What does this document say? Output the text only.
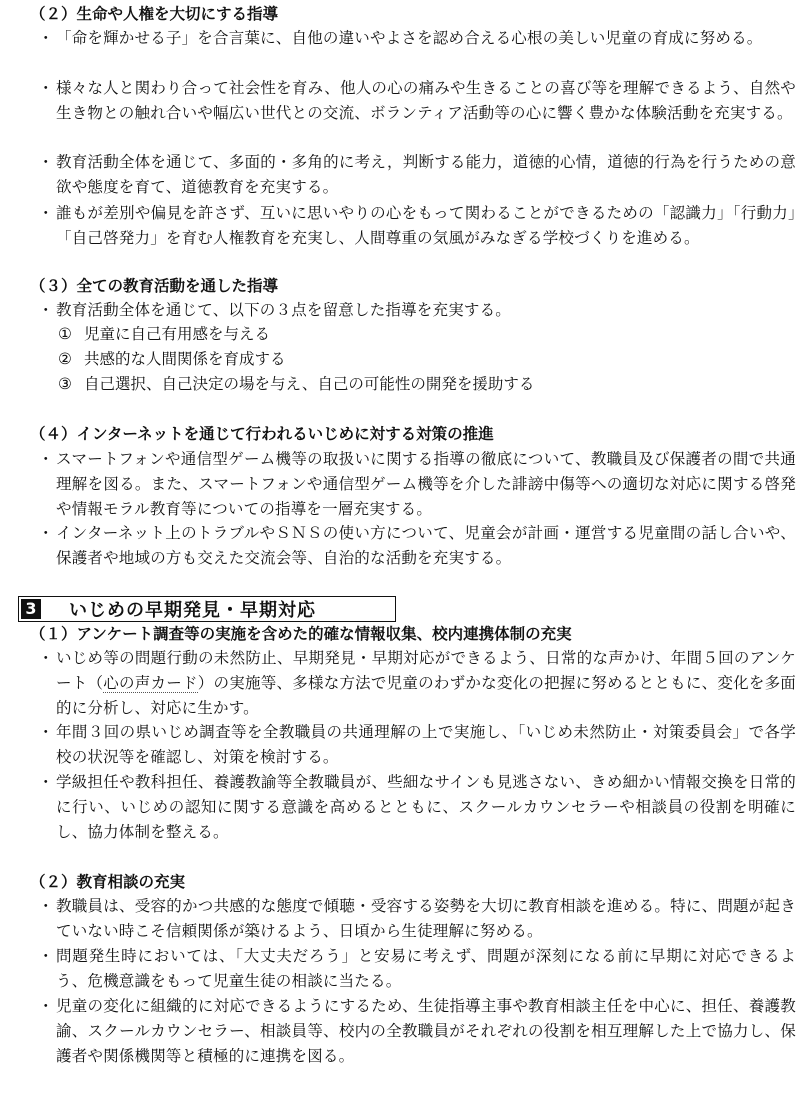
（２）生命や人権を大切にする指導
・ 「命を輝かせる子」を合言葉に、自他の違いやよさを認め合える心根の美しい児童の育成に努める。
・ 様々な人と関わり合って社会性を育み、他人の心の痛みや生きることの喜び等を理解できるよう、自然や生き物との触れ合いや幅広い世代との交流、ボランティア活動等の心に響く豊かな体験活動を充実する。
・ 教育活動全体を通じて、多面的・多角的に考え，判断する能力，道徳的心情，道徳的行為を行うための意欲や態度を育て、道徳教育を充実する。
・ 誰もが差別や偏見を許さず、互いに思いやりの心をもって関わることができるための「認識力」「行動力」「自己啓発力」を育む人権教育を充実し、人間尊重の気風がみなぎる学校づくりを進める。
（３）全ての教育活動を通した指導
・ 教育活動全体を通じて、以下の３点を留意した指導を充実する。
① 児童に自己有用感を与える
② 共感的な人間関係を育成する
③ 自己選択、自己決定の場を与え、自己の可能性の開発を援助する
（４）インターネットを通じて行われるいじめに対する対策の推進
・ スマートフォンや通信型ゲーム機等の取扱いに関する指導の徹底について、教職員及び保護者の間で共通理解を図る。また、スマートフォンや通信型ゲーム機等を介した誹謗中傷等への適切な対応に関する啓発や情報モラル教育等についての指導を一層充実する。
・ インターネット上のトラブルやＳＮＳの使い方について、児童会が計画・運営する児童間の話し合いや、保護者や地域の方も交えた交流会等、自治的な活動を充実する。
3 いじめの早期発見・早期対応
（１）アンケート調査等の実施を含めた的確な情報収集、校内連携体制の充実
・ いじめ等の問題行動の未然防止、早期発見・早期対応ができるよう、日常的な声かけ、年間５回のアンケート（心の声カード）の実施等、多様な方法で児童のわずかな変化の把握に努めるとともに、変化を多面的に分析し、対応に生かす。
・ 年間３回の県いじめ調査等を全教職員の共通理解の上で実施し、「いじめ未然防止・対策委員会」で各学校の状況等を確認し、対策を検討する。
・ 学級担任や教科担任、養護教諭等全教職員が、些細なサインも見逃さない、きめ細かい情報交換を日常的に行い、いじめの認知に関する意識を高めるとともに、スクールカウンセラーや相談員の役割を明確にし、協力体制を整える。
（２）教育相談の充実
・ 教職員は、受容的かつ共感的な態度で傾聴・受容する姿勢を大切に教育相談を進める。特に、問題が起きていない時こそ信頼関係が築けるよう、日頃から生徒理解に努める。
・ 問題発生時においては、「大丈夫だろう」と安易に考えず、問題が深刻になる前に早期に対応できるよう、危機意識をもって児童生徒の相談に当たる。
・ 児童の変化に組織的に対応できるようにするため、生徒指導主事や教育相談主任を中心に、担任、養護教諭、スクールカウンセラー、相談員等、校内の全教職員がそれぞれの役割を相互理解した上で協力し、保護者や関係機関等と積極的に連携を図る。
